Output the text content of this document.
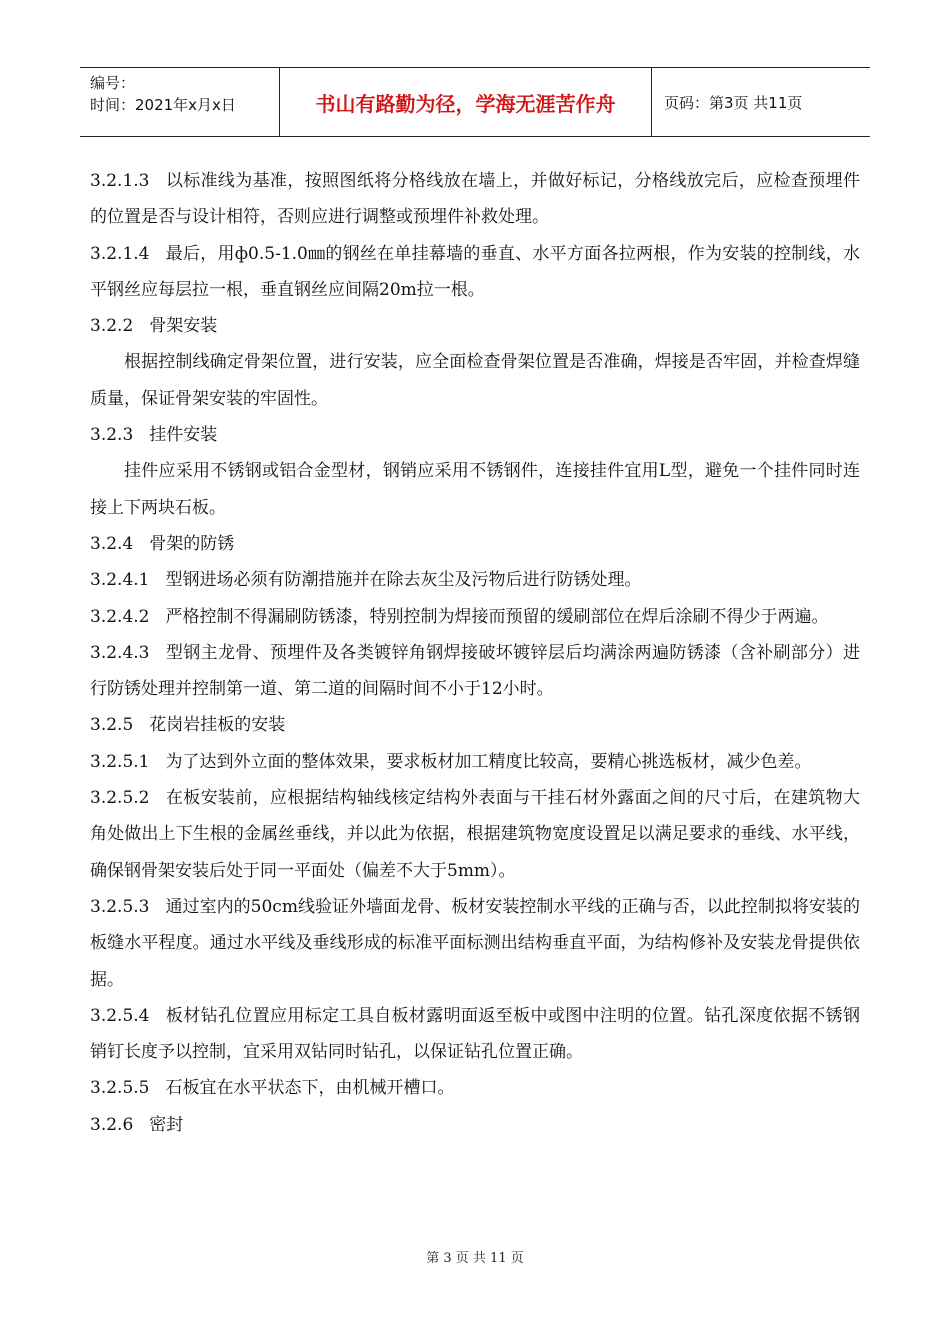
编号：
时间：2021年x月x日	书山有路勤为径，学海无涯苦作舟	页码：第3页 共11页

3.2.1.3 以标准线为基准，按照图纸将分格线放在墙上，并做好标记，分格线放完后，应检查预埋件的位置是否与设计相符，否则应进行调整或预埋件补救处理。

3.2.1.4 最后，用ф0.5-1.0㎜的钢丝在单挂幕墙的垂直、水平方面各拉两根，作为安装的控制线，水平钢丝应每层拉一根，垂直钢丝应间隔20m拉一根。

3.2.2 骨架安装

根据控制线确定骨架位置，进行安装，应全面检查骨架位置是否准确，焊接是否牢固，并检查焊缝质量，保证骨架安装的牢固性。

3.2.3 挂件安装

挂件应采用不锈钢或铝合金型材，钢销应采用不锈钢件，连接挂件宜用L型，避免一个挂件同时连接上下两块石板。

3.2.4 骨架的防锈

3.2.4.1 型钢进场必须有防潮措施并在除去灰尘及污物后进行防锈处理。

3.2.4.2 严格控制不得漏刷防锈漆，特别控制为焊接而预留的缓刷部位在焊后涂刷不得少于两遍。

3.2.4.3 型钢主龙骨、预埋件及各类镀锌角钢焊接破坏镀锌层后均满涂两遍防锈漆（含补刷部分）进行防锈处理并控制第一道、第二道的间隔时间不小于12小时。

3.2.5 花岗岩挂板的安装

3.2.5.1 为了达到外立面的整体效果，要求板材加工精度比较高，要精心挑选板材，减少色差。

3.2.5.2 在板安装前，应根据结构轴线核定结构外表面与干挂石材外露面之间的尺寸后，在建筑物大角处做出上下生根的金属丝垂线，并以此为依据，根据建筑物宽度设置足以满足要求的垂线、水平线，确保钢骨架安装后处于同一平面处（偏差不大于5mm）。

3.2.5.3 通过室内的50cm线验证外墙面龙骨、板材安装控制水平线的正确与否，以此控制拟将安装的板缝水平程度。通过水平线及垂线形成的标准平面标测出结构垂直平面，为结构修补及安装龙骨提供依据。

3.2.5.4 板材钻孔位置应用标定工具自板材露明面返至板中或图中注明的位置。钻孔深度依据不锈钢销钉长度予以控制，宜采用双钻同时钻孔，以保证钻孔位置正确。

3.2.5.5 石板宜在水平状态下，由机械开槽口。

3.2.6 密封

第 3 页 共 11 页
